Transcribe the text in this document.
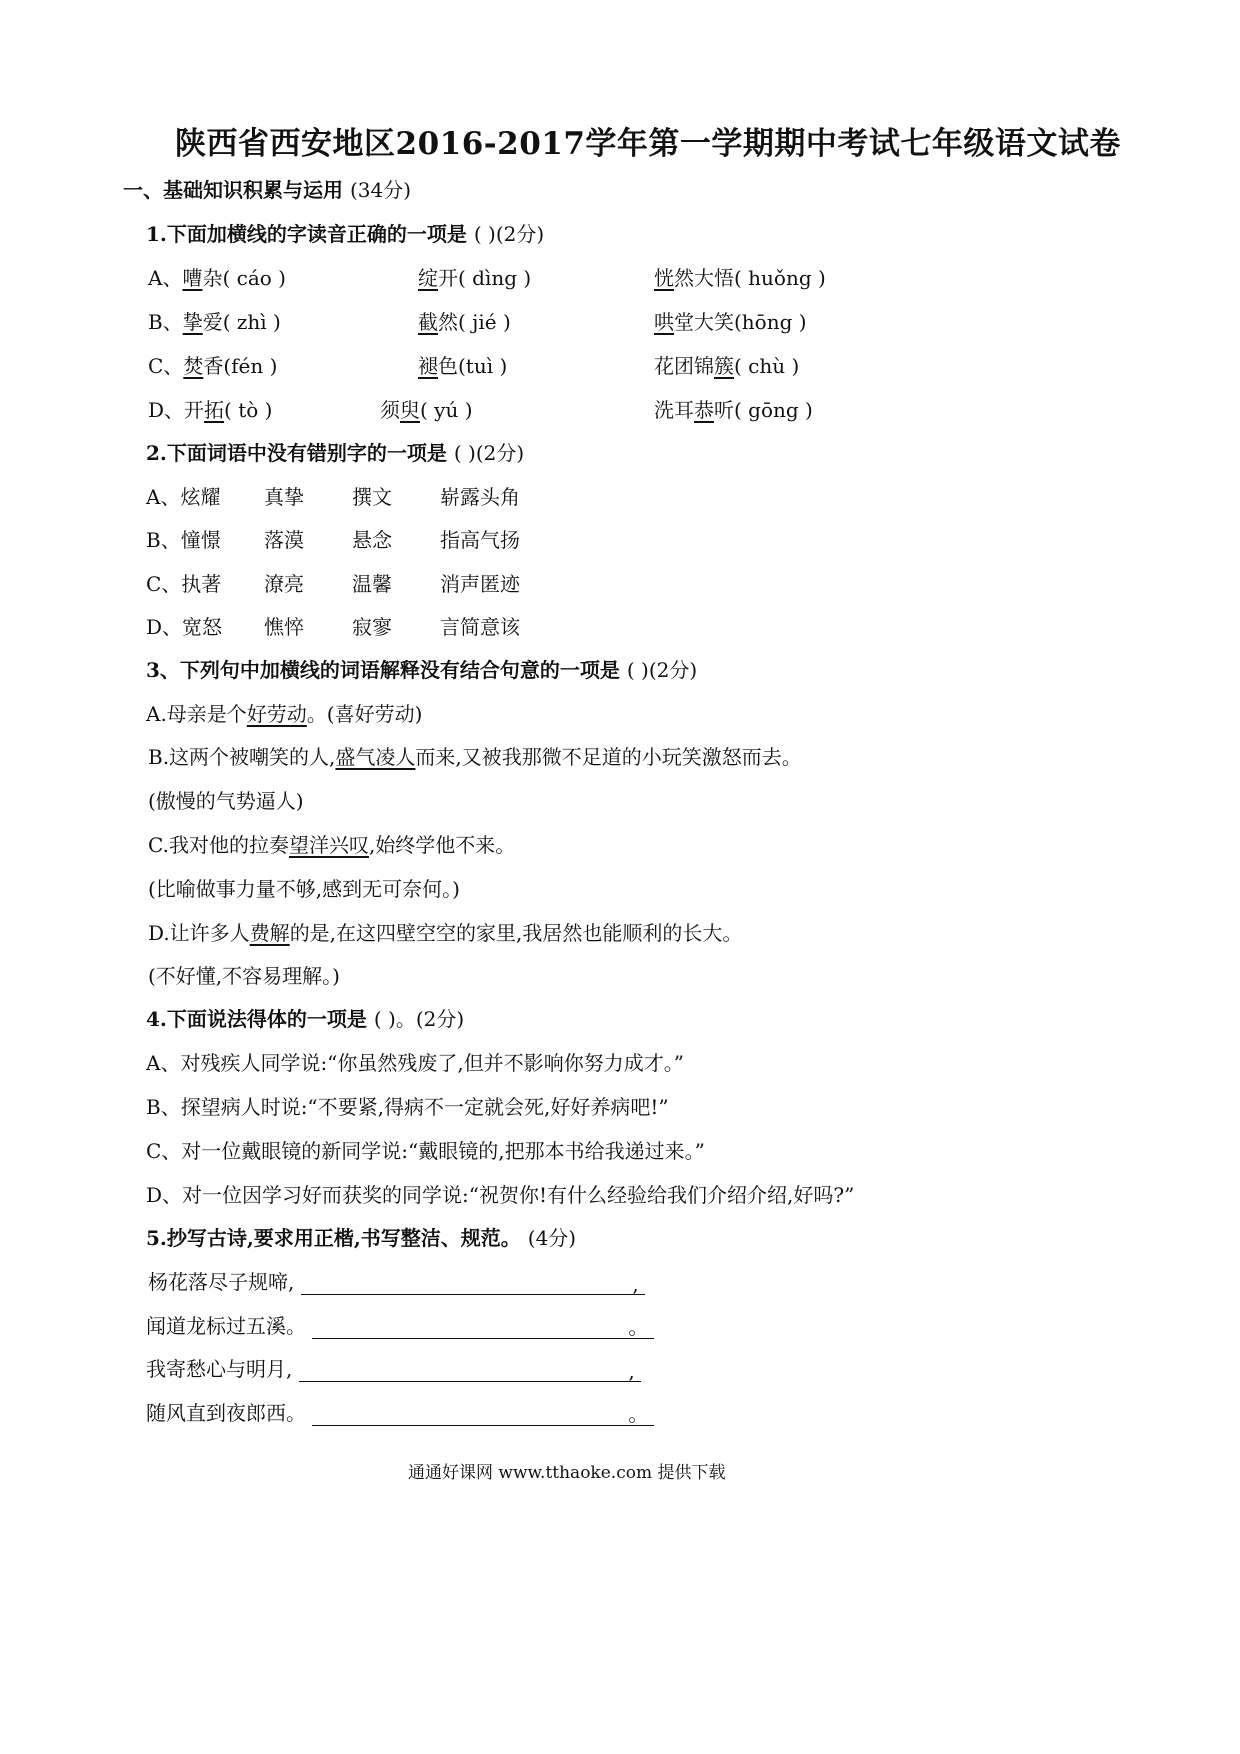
陕西省西安地区2016-2017学年第一学期期中考试七年级语文试卷
一、基础知识积累与运用 (34分)
1.下面加横线的字读音正确的一项是 ( )(2分)
A、嘈杂( cáo )	绽开( dìng )	恍然大悟( huǒng )
B、挚爱( zhì )	截然( jié )	哄堂大笑(hōng )
C、焚香(fén )	褪色(tuì )	花团锦簇( chù )
D、开拓( tò )	须臾( yú )	洗耳恭听( gōng )
2.下面词语中没有错别字的一项是 ( )(2分)
A、炫耀 真挚 撰文 崭露头角
B、憧憬 落漠 悬念 指高气扬
C、执著 潦亮 温馨 消声匿迹
D、宽怒 憔悴 寂寥 言简意该
3、下列句中加横线的词语解释没有结合句意的一项是 ( )(2分)
A.母亲是个好劳动。(喜好劳动)
B.这两个被嘲笑的人,盛气凌人而来,又被我那微不足道的小玩笑激怒而去。
(傲慢的气势逼人)
C.我对他的拉奏望洋兴叹,始终学他不来。
(比喻做事力量不够,感到无可奈何。)
D.让许多人费解的是,在这四壁空空的家里,我居然也能顺利的长大。
(不好懂,不容易理解。)
4.下面说法得体的一项是 ( )。(2分)
A、对残疾人同学说:“你虽然残废了,但并不影响你努力成才。”
B、探望病人时说:“不要紧,得病不一定就会死,好好养病吧!”
C、对一位戴眼镜的新同学说:“戴眼镜的,把那本书给我递过来。”
D、对一位因学习好而获奖的同学说:“祝贺你!有什么经验给我们介绍介绍,好吗?”
5.抄写古诗,要求用正楷,书写整洁、规范。 (4分)
杨花落尽子规啼,	,
闻道龙标过五溪。	。
我寄愁心与明月,	,
随风直到夜郎西。	。
通通好课网 www.tthaoke.com 提供下载
